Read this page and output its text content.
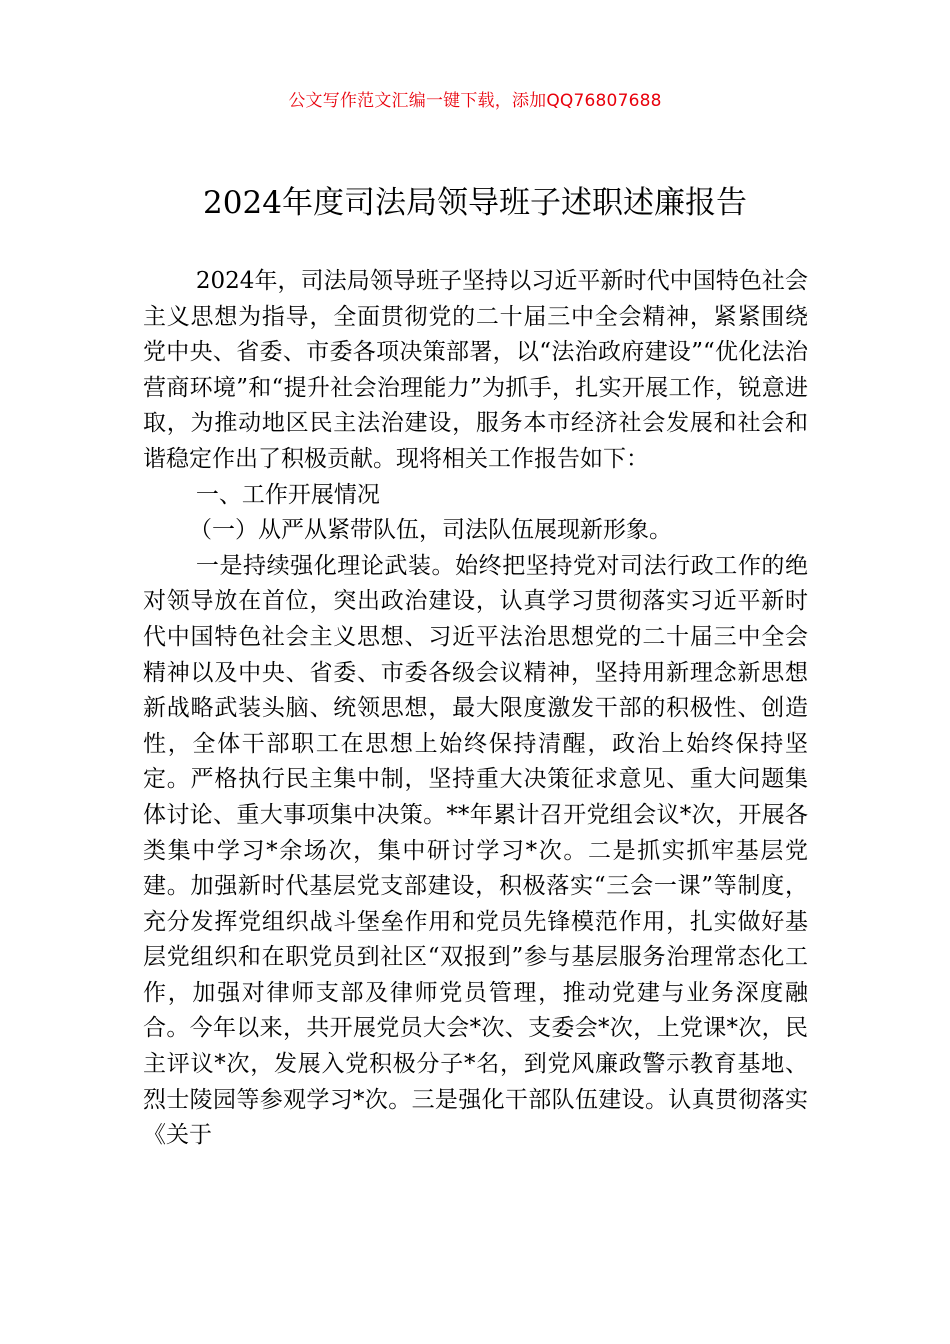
公文写作范文汇编一键下载，添加QQ76807688
2024年度司法局领导班子述职述廉报告

2024年，司法局领导班子坚持以习近平新时代中国特色社会主义思想为指导，全面贯彻党的二十届三中全会精神，紧紧围绕党中央、省委、市委各项决策部署，以“法治政府建设”“优化法治营商环境”和“提升社会治理能力”为抓手，扎实开展工作，锐意进取，为推动地区民主法治建设，服务本市经济社会发展和社会和谐稳定作出了积极贡献。现将相关工作报告如下：

一、工作开展情况

（一）从严从紧带队伍，司法队伍展现新形象。

一是持续强化理论武装。始终把坚持党对司法行政工作的绝对领导放在首位，突出政治建设，认真学习贯彻落实习近平新时代中国特色社会主义思想、习近平法治思想党的二十届三中全会精神以及中央、省委、市委各级会议精神，坚持用新理念新思想新战略武装头脑、统领思想，最大限度激发干部的积极性、创造性，全体干部职工在思想上始终保持清醒，政治上始终保持坚定。严格执行民主集中制，坚持重大决策征求意见、重大问题集体讨论、重大事项集中决策。**年累计召开党组会议*次，开展各类集中学习*余场次，集中研讨学习*次。二是抓实抓牢基层党建。加强新时代基层党支部建设，积极落实“三会一课”等制度，充分发挥党组织战斗堡垒作用和党员先锋模范作用，扎实做好基层党组织和在职党员到社区“双报到”参与基层服务治理常态化工作，加强对律师支部及律师党员管理，推动党建与业务深度融合。今年以来，共开展党员大会*次、支委会*次，上党课*次，民主评议*次，发展入党积极分子*名，到党风廉政警示教育基地、烈士陵园等参观学习*次。三是强化干部队伍建设。认真贯彻落实《关于
